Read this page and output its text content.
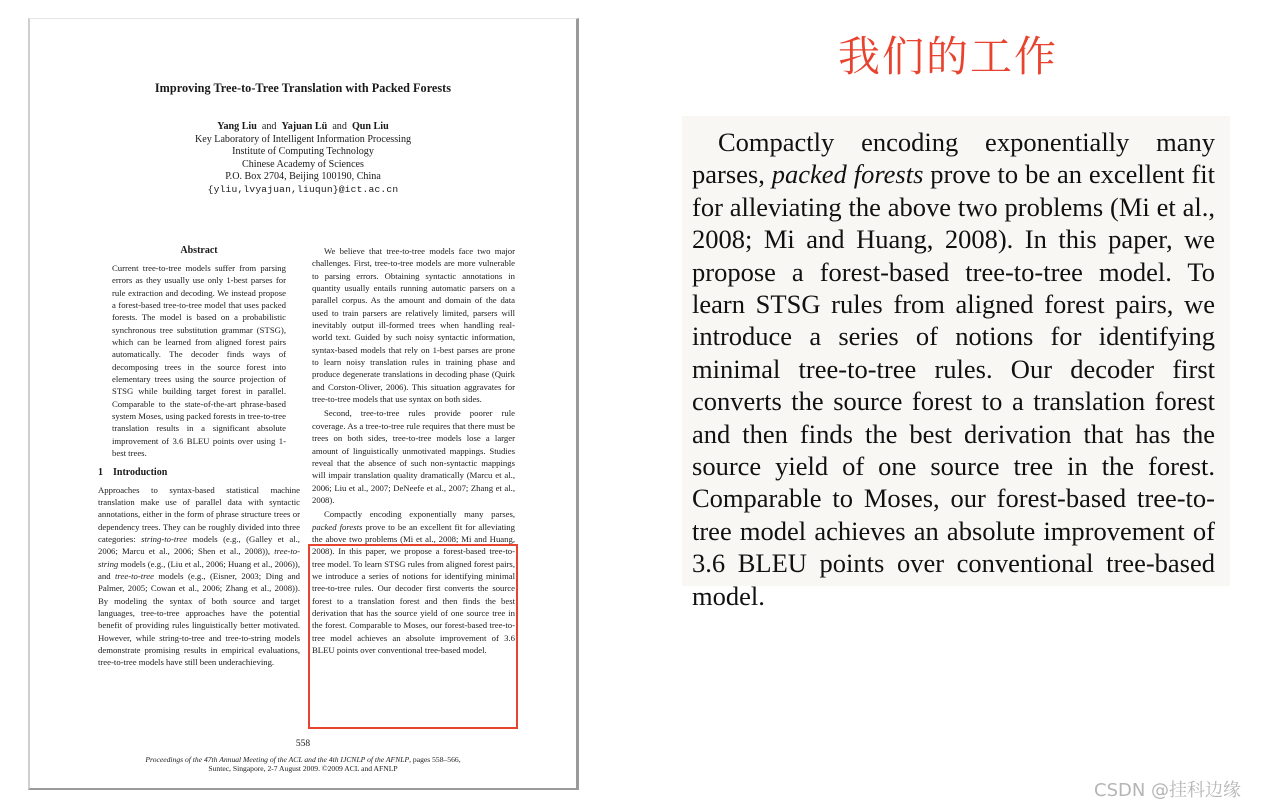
Improving Tree-to-Tree Translation with Packed Forests
Yang Liu and Yajuan Lü and Qun Liu
Key Laboratory of Intelligent Information Processing
Institute of Computing Technology
Chinese Academy of Sciences
P.O. Box 2704, Beijing 100190, China
{yliu,lvyajuan,liuqun}@ict.ac.cn
Abstract
Current tree-to-tree models suffer from parsing errors as they usually use only 1-best parses for rule extraction and decoding. We instead propose a forest-based tree-to-tree model that uses packed forests. The model is based on a probabilistic synchronous tree substitution grammar (STSG), which can be learned from aligned forest pairs automatically. The decoder finds ways of decomposing trees in the source forest into elementary trees using the source projection of STSG while building target forest in parallel. Comparable to the state-of-the-art phrase-based system Moses, using packed forests in tree-to-tree translation results in a significant absolute improvement of 3.6 BLEU points over using 1-best trees.
1 Introduction
Approaches to syntax-based statistical machine translation make use of parallel data with syntactic annotations, either in the form of phrase structure trees or dependency trees. They can be roughly divided into three categories: string-to-tree models (e.g., (Galley et al., 2006; Marcu et al., 2006; Shen et al., 2008)), tree-to-string models (e.g., (Liu et al., 2006; Huang et al., 2006)), and tree-to-tree models (e.g., (Eisner, 2003; Ding and Palmer, 2005; Cowan et al., 2006; Zhang et al., 2008)). By modeling the syntax of both source and target languages, tree-to-tree approaches have the potential benefit of providing rules linguistically better motivated. However, while string-to-tree and tree-to-string models demonstrate promising results in empirical evaluations, tree-to-tree models have still been underachieving.
We believe that tree-to-tree models face two major challenges. First, tree-to-tree models are more vulnerable to parsing errors. Obtaining syntactic annotations in quantity usually entails running automatic parsers on a parallel corpus. As the amount and domain of the data used to train parsers are relatively limited, parsers will inevitably output ill-formed trees when handling real-world text. Guided by such noisy syntactic information, syntax-based models that rely on 1-best parses are prone to learn noisy translation rules in training phase and produce degenerate translations in decoding phase (Quirk and Corston-Oliver, 2006). This situation aggravates for tree-to-tree models that use syntax on both sides.
Second, tree-to-tree rules provide poorer rule coverage. As a tree-to-tree rule requires that there must be trees on both sides, tree-to-tree models lose a larger amount of linguistically unmotivated mappings. Studies reveal that the absence of such non-syntactic mappings will impair translation quality dramatically (Marcu et al., 2006; Liu et al., 2007; DeNeefe et al., 2007; Zhang et al., 2008).
Compactly encoding exponentially many parses, packed forests prove to be an excellent fit for alleviating the above two problems (Mi et al., 2008; Mi and Huang, 2008). In this paper, we propose a forest-based tree-to-tree model. To learn STSG rules from aligned forest pairs, we introduce a series of notions for identifying minimal tree-to-tree rules. Our decoder first converts the source forest to a translation forest and then finds the best derivation that has the source yield of one source tree in the forest. Comparable to Moses, our forest-based tree-to-tree model achieves an absolute improvement of 3.6 BLEU points over conventional tree-based model.
558
Proceedings of the 47th Annual Meeting of the ACL and the 4th IJCNLP of the AFNLP, pages 558–566,
Suntec, Singapore, 2-7 August 2009. ©2009 ACL and AFNLP
我们的工作
Compactly encoding exponentially many parses, packed forests prove to be an excellent fit for alleviating the above two problems (Mi et al., 2008; Mi and Huang, 2008). In this paper, we propose a forest-based tree-to-tree model. To learn STSG rules from aligned forest pairs, we introduce a series of notions for identifying minimal tree-to-tree rules. Our decoder first converts the source forest to a translation forest and then finds the best derivation that has the source yield of one source tree in the forest. Comparable to Moses, our forest-based tree-to-tree model achieves an absolute improvement of 3.6 BLEU points over conventional tree-based model.
CSDN @挂科边缘
